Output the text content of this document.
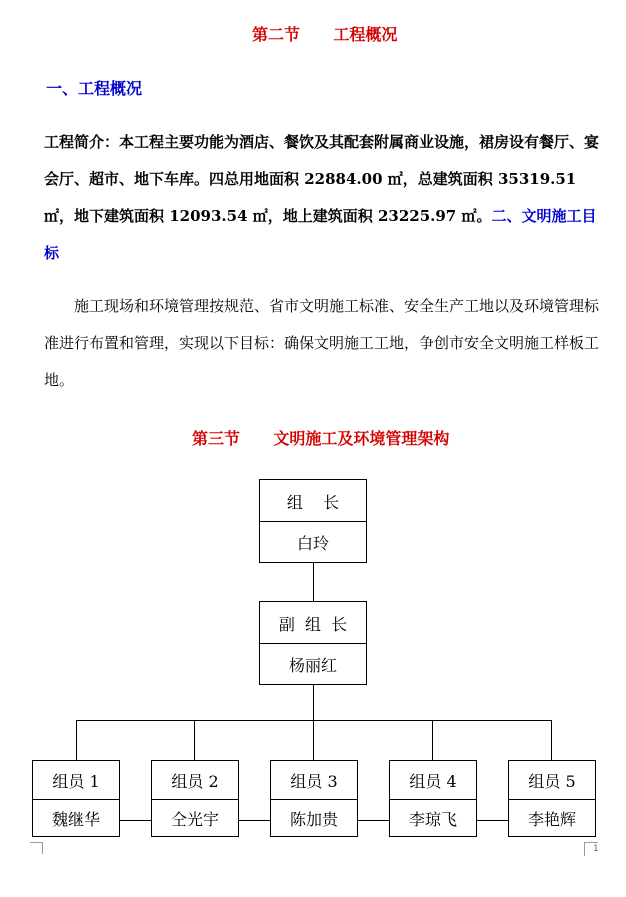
第二节      工程概况
一、工程概况
工程简介：本工程主要功能为酒店、餐饮及其配套附属商业设施，裙房设有餐厅、宴会厅、超市、地下车库。四总用地面积 22884.00 ㎡，总建筑面积 35319.51 ㎡，地下建筑面积 12093.54 ㎡，地上建筑面积 23225.97 ㎡。二、文明施工目标
施工现场和环境管理按规范、省市文明施工标准、安全生产工地以及环境管理标准进行布置和管理，实现以下目标：确保文明施工工地，争创市安全文明施工样板工地。
第三节      文明施工及环境管理架构
组    长
白玲
副  组  长
杨丽红
组员 1
魏继华
组员 2
仝光宇
组员 3
陈加贵
组员 4
李琼飞
组员 5
李艳辉
1
